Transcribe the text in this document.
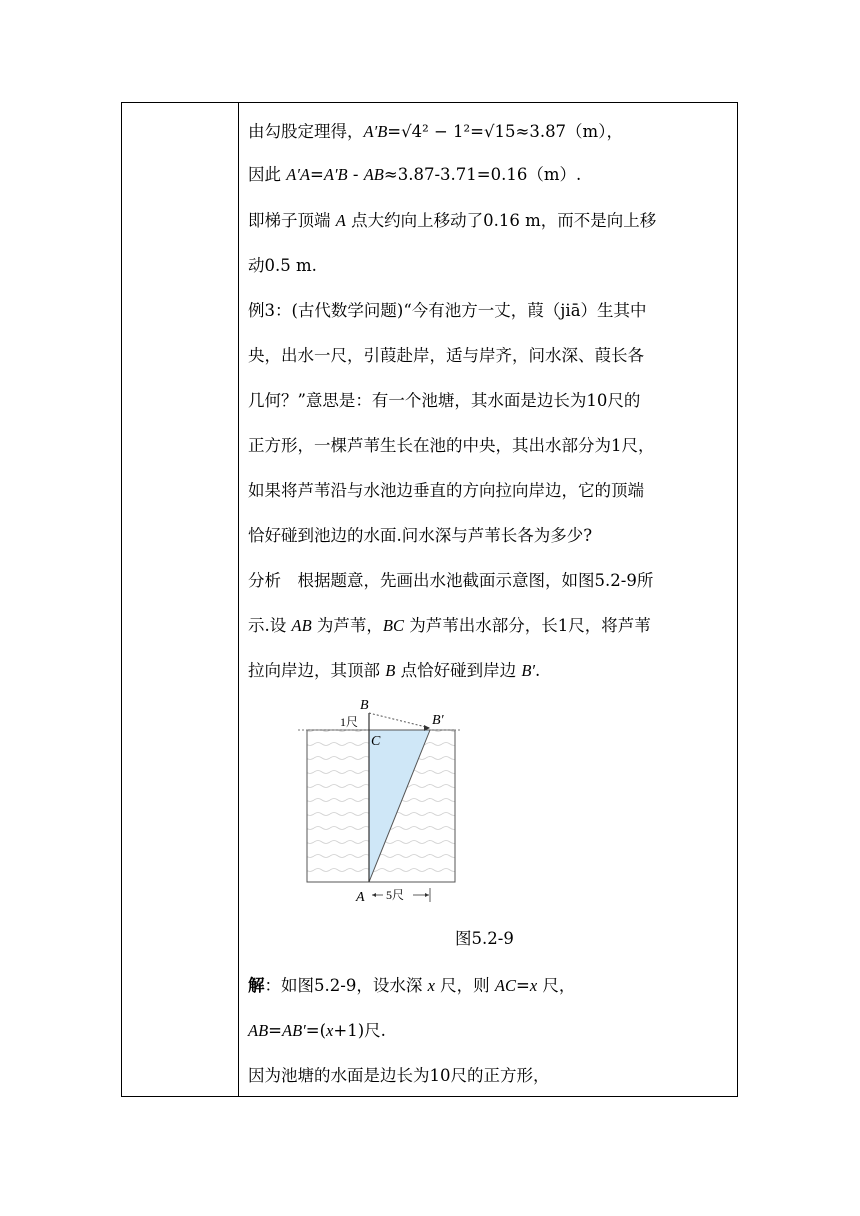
由勾股定理得，A′B=√4² − 1²=√15≈3.87（m），
因此 A′A=A′B - AB≈3.87-3.71=0.16（m）.
即梯子顶端 A 点大约向上移动了0.16 m，而不是向上移
动0.5 m.
例3：(古代数学问题)“今有池方一丈，葭（jiā）生其中
央，出水一尺，引葭赴岸，适与岸齐，问水深、葭长各
几何？”意思是：有一个池塘，其水面是边长为10尺的
正方形，一棵芦苇生长在池的中央，其出水部分为1尺，
如果将芦苇沿与水池边垂直的方向拉向岸边，它的顶端
恰好碰到池边的水面.问水深与芦苇长各为多少?
分析　根据题意，先画出水池截面示意图，如图5.2-9所
示.设 AB 为芦苇，BC 为芦苇出水部分，长1尺，将芦苇
拉向岸边，其顶部 B 点恰好碰到岸边 B′.
解：如图5.2-9，设水深 x 尺，则 AC=x 尺，
AB=AB′=(x+1)尺.
因为池塘的水面是边长为10尺的正方形，
B
B′
C
A
1尺
5尺
图5.2-9
